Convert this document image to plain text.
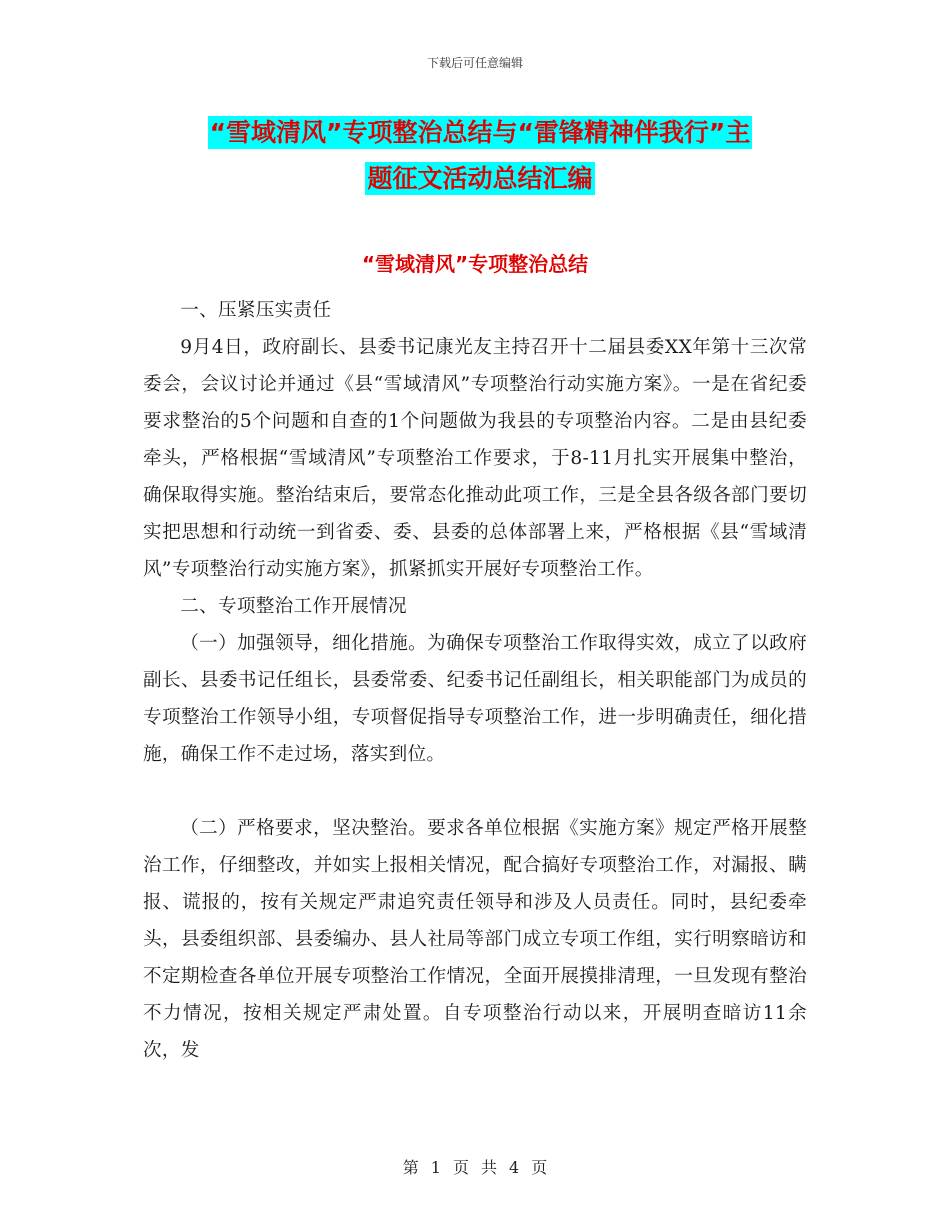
下载后可任意编辑
“雪域清风”专项整治总结与“雷锋精神伴我行”主
题征文活动总结汇编
“雪域清风”专项整治总结

一、压紧压实责任

9月4日，政府副长、县委书记康光友主持召开十二届县委XX年第十三次常委会，会议讨论并通过《县“雪域清风”专项整治行动实施方案》。一是在省纪委要求整治的5个问题和自查的1个问题做为我县的专项整治内容。二是由县纪委牵头，严格根据“雪域清风”专项整治工作要求，于8-11月扎实开展集中整治，确保取得实施。整治结束后，要常态化推动此项工作，三是全县各级各部门要切实把思想和行动统一到省委、委、县委的总体部署上来，严格根据《县“雪域清风”专项整治行动实施方案》，抓紧抓实开展好专项整治工作。

二、专项整治工作开展情况

（一）加强领导，细化措施。为确保专项整治工作取得实效，成立了以政府副长、县委书记任组长，县委常委、纪委书记任副组长，相关职能部门为成员的专项整治工作领导小组，专项督促指导专项整治工作，进一步明确责任，细化措施，确保工作不走过场，落实到位。

（二）严格要求，坚决整治。要求各单位根据《实施方案》规定严格开展整治工作，仔细整改，并如实上报相关情况，配合搞好专项整治工作，对漏报、瞒报、谎报的，按有关规定严肃追究责任领导和涉及人员责任。同时，县纪委牵头，县委组织部、县委编办、县人社局等部门成立专项工作组，实行明察暗访和不定期检查各单位开展专项整治工作情况，全面开展摸排清理，一旦发现有整治不力情况，按相关规定严肃处置。自专项整治行动以来，开展明查暗访11余次，发

第 1 页 共 4 页
